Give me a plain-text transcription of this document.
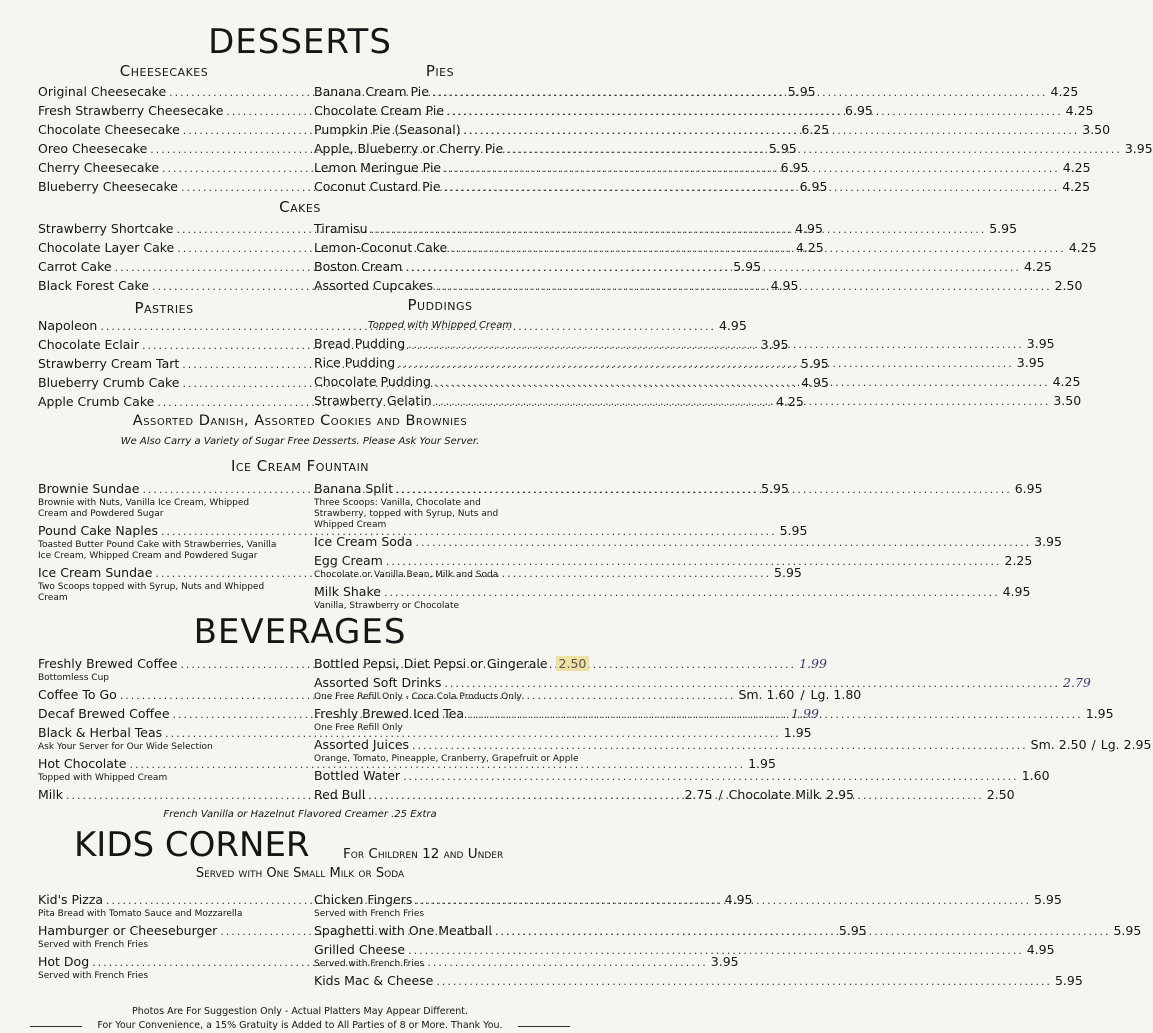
DESSERTS
Cheesecakes	Pies
Original Cheesecake .....	5.95
Fresh Strawberry Cheesecake .....	6.95
Chocolate Cheesecake .....	6.25
Oreo Cheesecake .....	5.95
Cherry Cheesecake .....	6.95
Blueberry Cheesecake .....	6.95
Banana Cream Pie .....	4.25
Chocolate Cream Pie .....	4.25
Pumpkin Pie (Seasonal) .....	3.50
Apple, Blueberry or Cherry Pie .....	3.95
Lemon Meringue Pie .....	4.25
Coconut Custard Pie .....	4.25
Cakes
Strawberry Shortcake .....	4.95
Chocolate Layer Cake .....	4.25
Carrot Cake .....	5.95
Black Forest Cake .....	4.95
Tiramisu .....	5.95
Lemon-Coconut Cake .....	4.25
Boston Cream .....	4.25
Assorted Cupcakes .....	2.50
Pastries	Puddings
Topped with Whipped Cream
Napoleon .....	4.95
Chocolate Eclair .....	3.95
Strawberry Cream Tart .....	5.95
Blueberry Crumb Cake .....	4.95
Apple Crumb Cake .....	4.25
Bread Pudding .....	3.95
Rice Pudding .....	3.95
Chocolate Pudding .....	4.25
Strawberry Gelatin .....	3.50
Assorted Danish, Assorted Cookies and Brownies
We Also Carry a Variety of Sugar Free Desserts. Please Ask Your Server.
Ice Cream Fountain
Brownie Sundae .....	5.95
Brownie with Nuts, Vanilla Ice Cream, Whipped Cream and Powdered Sugar
Pound Cake Naples .....	5.95
Toasted Butter Pound Cake with Strawberries, Vanilla Ice Cream, Whipped Cream and Powdered Sugar
Ice Cream Sundae .....	5.95
Two Scoops topped with Syrup, Nuts and Whipped Cream
Banana Split .....	6.95
Three Scoops: Vanilla, Chocolate and Strawberry, topped with Syrup, Nuts and Whipped Cream
Ice Cream Soda .....	3.95
Egg Cream .....	2.25
Chocolate or Vanilla Bean, Milk and Soda
Milk Shake .....	4.95
Vanilla, Strawberry or Chocolate
BEVERAGES
Freshly Brewed Coffee .....	1.99
Bottomless Cup
Coffee To Go .....	Sm. 1.60 / Lg. 1.80
Decaf Brewed Coffee .....	1.99
Black & Herbal Teas .....	1.95
Ask Your Server for Our Wide Selection
Hot Chocolate .....	1.95
Topped with Whipped Cream
Milk .....	2.75 / Chocolate Milk 2.95
Bottled Pepsi, Diet Pepsi or Gingerale 2.50
Assorted Soft Drinks .....	2.79
One Free Refill Only - Coca Cola Products Only
Freshly Brewed Iced Tea .....	1.95
One Free Refill Only
Assorted Juices .....	Sm. 2.50 / Lg. 2.95
Orange, Tomato, Pineapple, Cranberry, Grapefruit or Apple
Bottled Water .....	1.60
Red Bull .....	2.50
French Vanilla or Hazelnut Flavored Creamer .25 Extra
KIDS CORNER For Children 12 and Under
Served with One Small Milk or Soda
Kid's Pizza .....	4.95
Pita Bread with Tomato Sauce and Mozzarella
Hamburger or Cheeseburger .....	5.95
Served with French Fries
Hot Dog .....	3.95
Served with French Fries
Chicken Fingers .....	5.95
Served with French Fries
Spaghetti with One Meatball .....	5.95
Grilled Cheese .....	4.95
Served with French Fries
Kids Mac & Cheese .....	5.95
Photos Are For Suggestion Only - Actual Platters May Appear Different.
For Your Convenience, a 15% Gratuity is Added to All Parties of 8 or More. Thank You.
